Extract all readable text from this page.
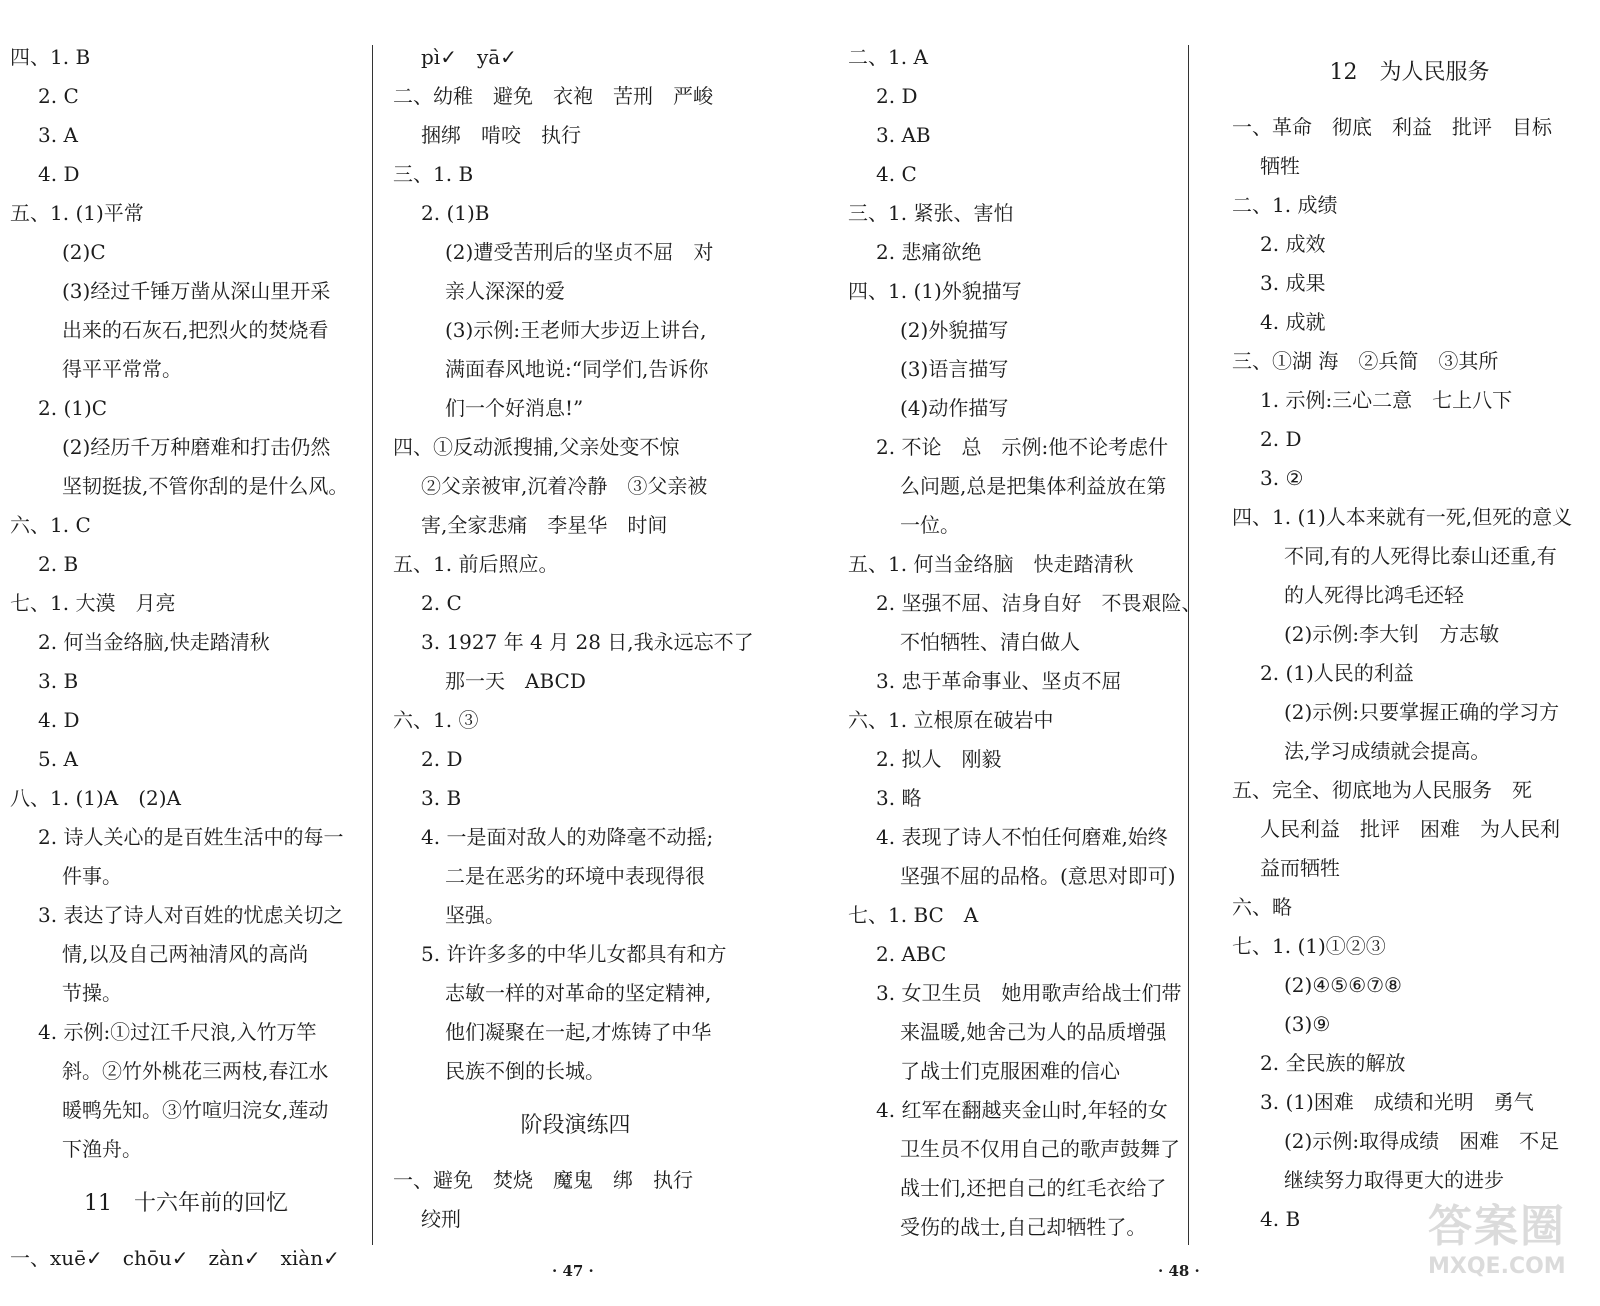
四、1. B
2. C
3. A
4. D
五、1. (1)平常
(2)C
(3)经过千锤万凿从深山里开采
出来的石灰石,把烈火的焚烧看
得平平常常。
2. (1)C
(2)经历千万种磨难和打击仍然
坚韧挺拔,不管你刮的是什么风。
六、1. C
2. B
七、1. 大漠　月亮
2. 何当金络脑,快走踏清秋
3. B
4. D
5. A
八、1. (1)A　(2)A
2. 诗人关心的是百姓生活中的每一
件事。
3. 表达了诗人对百姓的忧虑关切之
情,以及自己两袖清风的高尚
节操。
4. 示例:①过江千尺浪,入竹万竿
斜。②竹外桃花三两枝,春江水
暖鸭先知。③竹喧归浣女,莲动
下渔舟。
11　十六年前的回忆
一、xuē✓　chōu✓　zàn✓　xiàn✓
pì✓　yā✓
二、幼稚　避免　衣袍　苦刑　严峻
捆绑　啃咬　执行
三、1. B
2. (1)B
(2)遭受苦刑后的坚贞不屈　对
亲人深深的爱
(3)示例:王老师大步迈上讲台,
满面春风地说:“同学们,告诉你
们一个好消息!”
四、①反动派搜捕,父亲处变不惊
②父亲被审,沉着冷静　③父亲被
害,全家悲痛　李星华　时间
五、1. 前后照应。
2. C
3. 1927 年 4 月 28 日,我永远忘不了
那一天　ABCD
六、1. ③
2. D
3. B
4. 一是面对敌人的劝降毫不动摇;
二是在恶劣的环境中表现得很
坚强。
5. 许许多多的中华儿女都具有和方
志敏一样的对革命的坚定精神,
他们凝聚在一起,才炼铸了中华
民族不倒的长城。
阶段演练四
一、避免　焚烧　魔鬼　绑　执行
绞刑
二、1. A
2. D
3. AB
4. C
三、1. 紧张、害怕
2. 悲痛欲绝
四、1. (1)外貌描写
(2)外貌描写
(3)语言描写
(4)动作描写
2. 不论　总　示例:他不论考虑什
么问题,总是把集体利益放在第
一位。
五、1. 何当金络脑　快走踏清秋
2. 坚强不屈、洁身自好　不畏艰险、
不怕牺牲、清白做人
3. 忠于革命事业、坚贞不屈
六、1. 立根原在破岩中
2. 拟人　刚毅
3. 略
4. 表现了诗人不怕任何磨难,始终
坚强不屈的品格。(意思对即可)
七、1. BC　A
2. ABC
3. 女卫生员　她用歌声给战士们带
来温暖,她舍己为人的品质增强
了战士们克服困难的信心
4. 红军在翻越夹金山时,年轻的女
卫生员不仅用自己的歌声鼓舞了
战士们,还把自己的红毛衣给了
受伤的战士,自己却牺牲了。
12　为人民服务
一、革命　彻底　利益　批评　目标
牺牲
二、1. 成绩
2. 成效
3. 成果
4. 成就
三、①湖 海　②兵简　③其所
1. 示例:三心二意　七上八下
2. D
3. ②
四、1. (1)人本来就有一死,但死的意义
不同,有的人死得比泰山还重,有
的人死得比鸿毛还轻
(2)示例:李大钊　方志敏
2. (1)人民的利益
(2)示例:只要掌握正确的学习方
法,学习成绩就会提高。
五、完全、彻底地为人民服务　死
人民利益　批评　困难　为人民利
益而牺牲
六、略
七、1. (1)①②③
(2)④⑤⑥⑦⑧
(3)⑨
2. 全民族的解放
3. (1)困难　成绩和光明　勇气
(2)示例:取得成绩　困难　不足
继续努力取得更大的进步
4. B
· 47 ·	· 48 ·
答案圈
MXQE.COM
